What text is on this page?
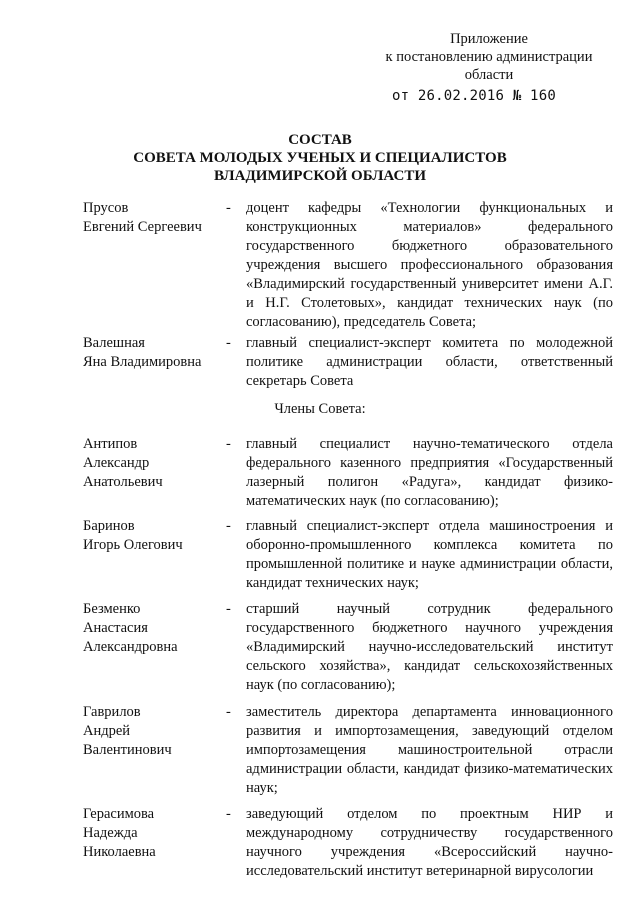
Приложение
к постановлению администрации
области
от 26.02.2016 № 160
СОСТАВ
СОВЕТА МОЛОДЫХ УЧЕНЫХ И СПЕЦИАЛИСТОВ
ВЛАДИМИРСКОЙ ОБЛАСТИ
Прусов
Евгений Сергеевич
- доцент кафедры «Технологии функциональных и конструкционных материалов» федерального государственного бюджетного образовательного учреждения высшего профессионального образования «Владимирский государственный университет имени А.Г. и Н.Г. Столетовых», кандидат технических наук (по согласованию), председатель Совета;
Валешная
Яна Владимировна
- главный специалист-эксперт комитета по молодежной политике администрации области, ответственный секретарь Совета
Члены Совета:
Антипов
Александр
Анатольевич
- главный специалист научно-тематического отдела федерального казенного предприятия «Государственный лазерный полигон «Радуга», кандидат физико-математических наук (по согласованию);
Баринов
Игорь Олегович
- главный специалист-эксперт отдела машиностроения и оборонно-промышленного комплекса комитета по промышленной политике и науке администрации области, кандидат технических наук;
Безменко
Анастасия
Александровна
- старший научный сотрудник федерального государственного бюджетного научного учреждения «Владимирский научно-исследовательский институт сельского хозяйства», кандидат сельскохозяйственных наук (по согласованию);
Гаврилов
Андрей
Валентинович
- заместитель директора департамента инновационного развития и импортозамещения, заведующий отделом импортозамещения машиностроительной отрасли администрации области, кандидат физико-математических наук;
Герасимова
Надежда
Николаевна
- заведующий отделом по проектным НИР и международному сотрудничеству государственного научного учреждения «Всероссийский научно-исследовательский институт ветеринарной вирусологии
